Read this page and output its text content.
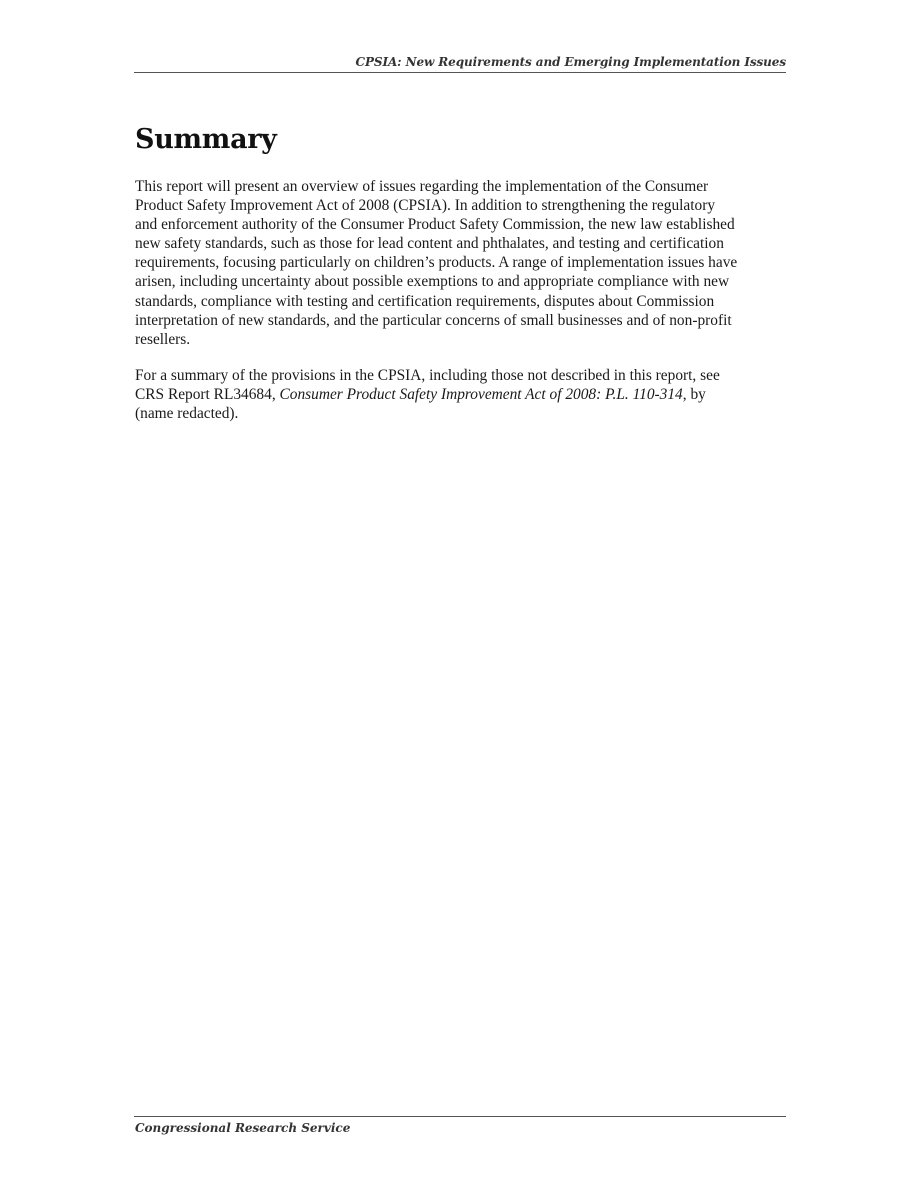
CPSIA: New Requirements and Emerging Implementation Issues
Summary

This report will present an overview of issues regarding the implementation of the Consumer
Product Safety Improvement Act of 2008 (CPSIA). In addition to strengthening the regulatory
and enforcement authority of the Consumer Product Safety Commission, the new law established
new safety standards, such as those for lead content and phthalates, and testing and certification
requirements, focusing particularly on children’s products. A range of implementation issues have
arisen, including uncertainty about possible exemptions to and appropriate compliance with new
standards, compliance with testing and certification requirements, disputes about Commission
interpretation of new standards, and the particular concerns of small businesses and of non-profit
resellers.

For a summary of the provisions in the CPSIA, including those not described in this report, see
CRS Report RL34684, Consumer Product Safety Improvement Act of 2008: P.L. 110-314, by
(name redacted).

Congressional Research Service
